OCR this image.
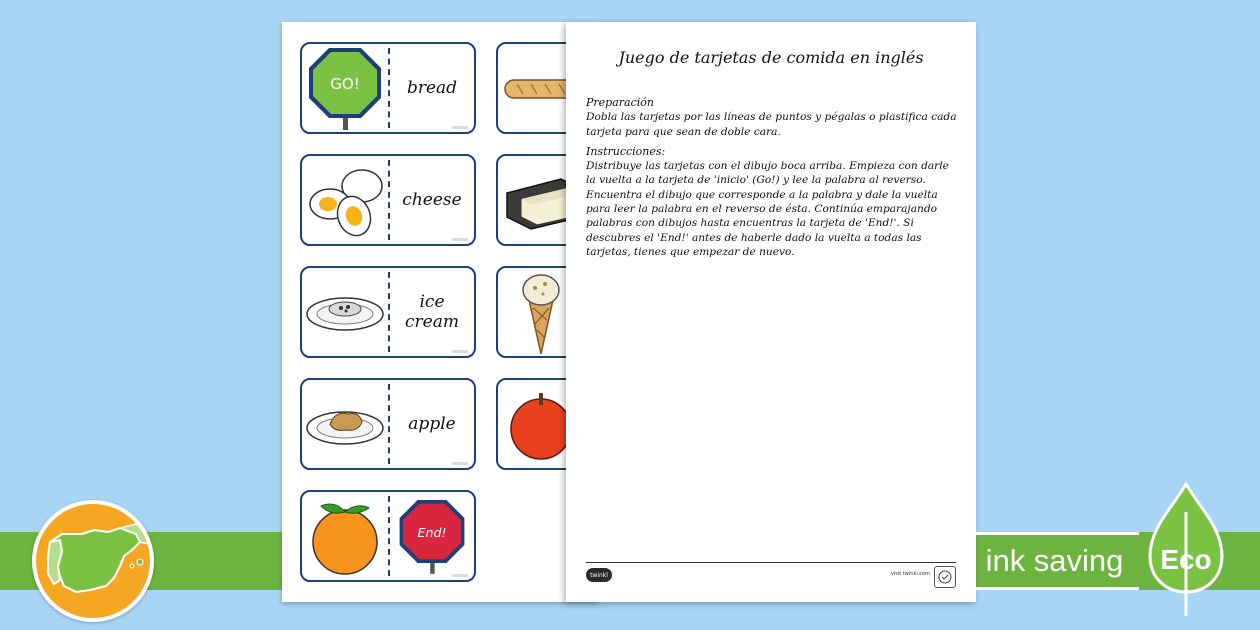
GO!	bread
cheese
ice cream
apple
End!
Juego de tarjetas de comida en inglés
Preparación

Dobla las tarjetas por las líneas de puntos y pégalas o plastifica cada tarjeta para que sean de doble cara.

Instrucciones:

Distribuye las tarjetas con el dibujo boca arriba. Empieza con darle la vuelta a la tarjeta de 'inicio' (Go!) y lee la palabra al reverso. Encuentra el dibujo que corresponde a la palabra y dale la vuelta para leer la palabra en el reverso de ésta. Continúa emparajando palabras con dibujos hasta encuentras la tarjeta de 'End!'. Si descubres el 'End!' antes de haberle dado la vuelta a todas las tarjetas, tienes que empezar de nuevo.

twinkl	visit twinkl.com	ink saving	Eco
